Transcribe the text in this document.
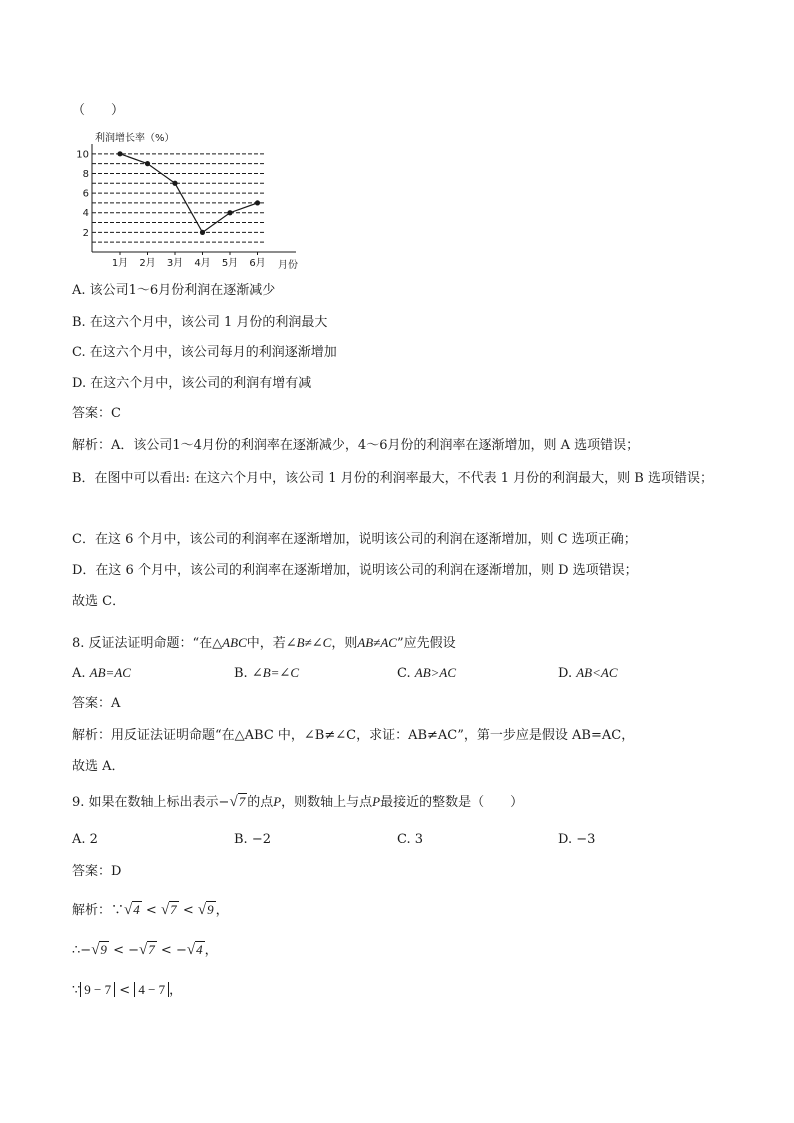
（　　）
利润增长率（%）
2
4
6
8
10
1月 2月 3月 4月 5月 6月 月份
A. 该公司1～6月份利润在逐渐减少
B. 在这六个月中，该公司 1 月份的利润最大
C. 在这六个月中，该公司每月的利润逐渐增加
D. 在这六个月中，该公司的利润有增有减
答案：C
解析：A．该公司1～4月份的利润率在逐渐减少，4～6月份的利润率在逐渐增加，则 A 选项错误；
B．在图中可以看出: 在这六个月中，该公司 1 月份的利润率最大，不代表 1 月份的利润最大，则 B 选项错误；
C．在这 6 个月中，该公司的利润率在逐渐增加，说明该公司的利润在逐渐增加，则 C 选项正确；
D．在这 6 个月中，该公司的利润率在逐渐增加，说明该公司的利润在逐渐增加，则 D 选项错误；
故选 C．
8. 反证法证明命题：“在△ABC中，若∠B≠∠C，则AB≠AC”应先假设
A. AB=AC	B. ∠B=∠C	C. AB>AC	D. AB<AC
答案：A
解析：用反证法证明命题“在△ABC 中，∠B≠∠C，求证：AB≠AC”，第一步应是假设 AB=AC，
故选 A．
9. 如果在数轴上标出表示−√7 的点P，则数轴上与点P最接近的整数是（　　）
A. 2	B. −2	C. 3	D. −3
答案：D
解析：∵√4 < √7 < √9 ，
∴−√9 < −√7 < −√4 ，
∵ 9 − 7 < 4 − 7 ，
